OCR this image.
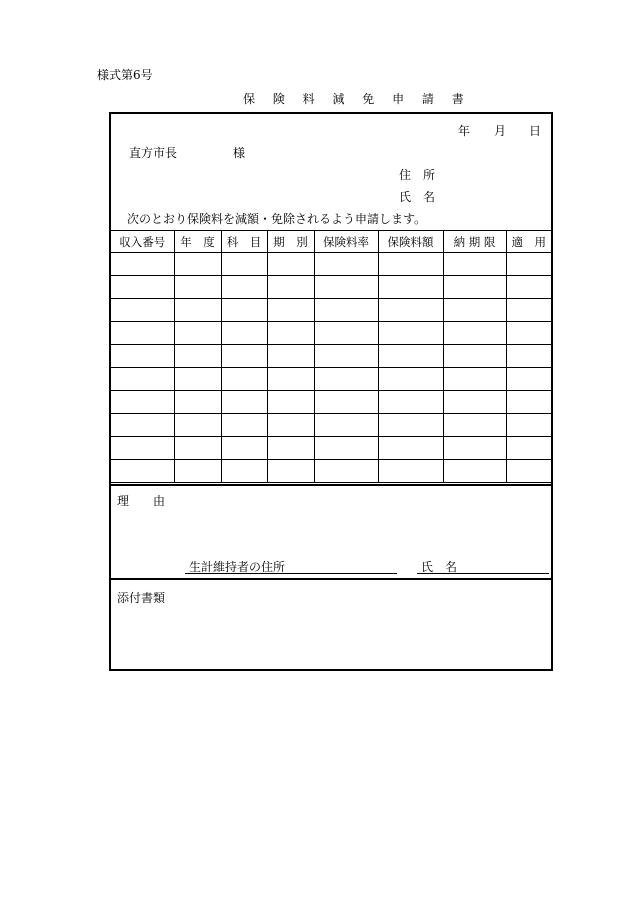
様式第6号
保 険 料 減 免 申 請 書
年 月 日
直方市長	様
住　所
氏　名
次のとおり保険料を減額・免除されるよう申請します。
収入番号	年　度	科　目	期　別	保険料率	保険料額	納 期 限	適　用

理　　由
生計維持者の住所	氏　名
添付書類
